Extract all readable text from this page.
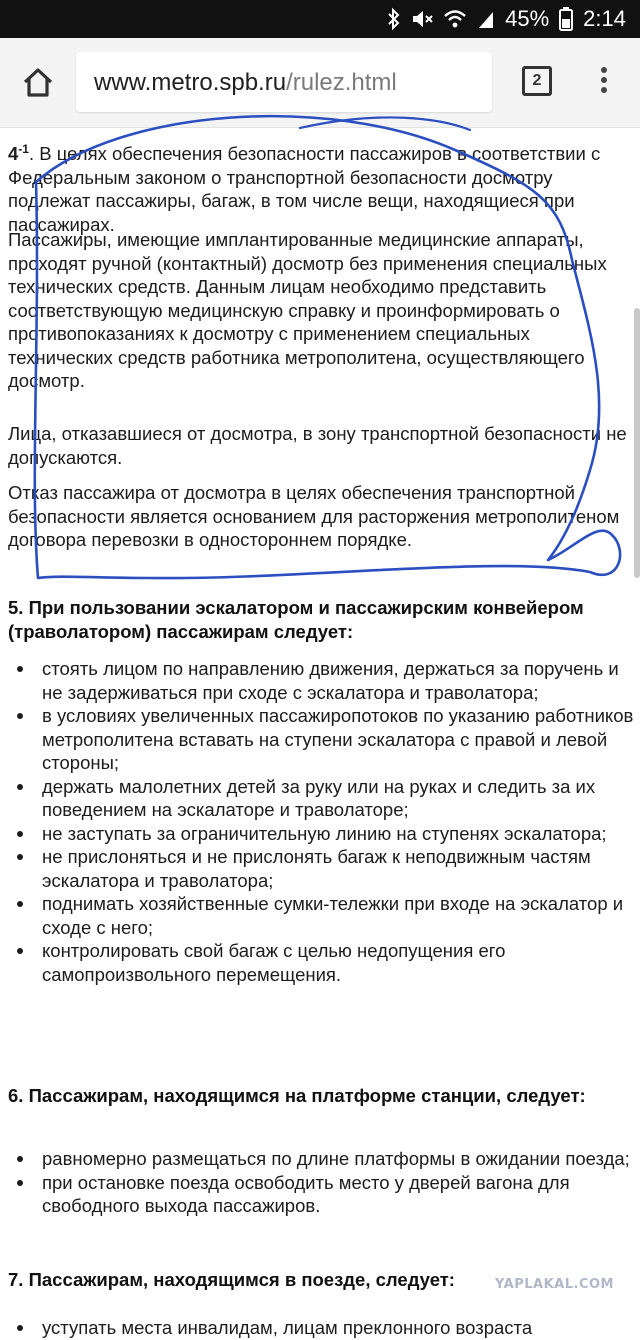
45% 2:14
www.metro.spb.ru/rulez.html	2
$4^{-1}$. В целях обеспечения безопасности пассажиров в соответствии с Федеральным законом о транспортной безопасности досмотру подлежат пассажиры, багаж, в том числе вещи, находящиеся при пассажирах.
Пассажиры, имеющие имплантированные медицинские аппараты, проходят ручной (контактный) досмотр без применения специальных технических средств. Данным лицам необходимо представить соответствующую медицинскую справку и проинформировать о противопоказаниях к досмотру с применением специальных технических средств работника метрополитена, осуществляющего досмотр.
Лица, отказавшиеся от досмотра, в зону транспортной безопасности не допускаются.
Отказ пассажира от досмотра в целях обеспечения транспортной безопасности является основанием для расторжения метрополитеном договора перевозки в одностороннем порядке.
5. При пользовании эскалатором и пассажирским конвейером (траволатором) пассажирам следует:
стоять лицом по направлению движения, держаться за поручень и не задерживаться при сходе с эскалатора и траволатора;
в условиях увеличенных пассажиропотоков по указанию работников метрополитена вставать на ступени эскалатора с правой и левой стороны;
держать малолетних детей за руку или на руках и следить за их поведением на эскалаторе и траволаторе;
не заступать за ограничительную линию на ступенях эскалатора;
не прислоняться и не прислонять багаж к неподвижным частям эскалатора и траволатора;
поднимать хозяйственные сумки-тележки при входе на эскалатор и сходе с него;
контролировать свой багаж с целью недопущения его самопроизвольного перемещения.
6. Пассажирам, находящимся на платформе станции, следует:
равномерно размещаться по длине платформы в ожидании поезда;
при остановке поезда освободить место у дверей вагона для свободного выхода пассажиров.
7. Пассажирам, находящимся в поезде, следует:
уступать места инвалидам, лицам преклонного возраста
YAPLAKAL.COM
